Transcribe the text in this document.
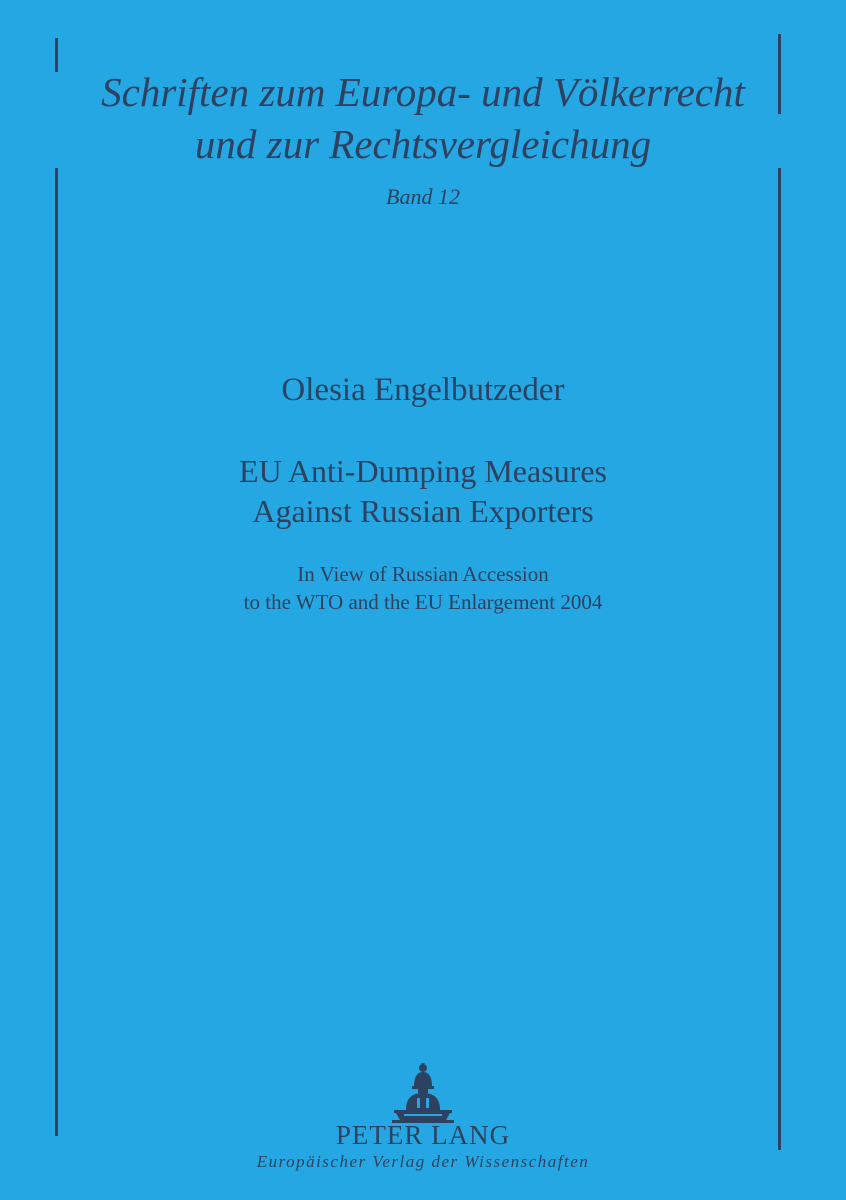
Schriften zum Europa- und Völkerrecht
und zur Rechtsvergleichung
Band 12
Olesia Engelbutzeder
EU Anti-Dumping Measures
Against Russian Exporters
In View of Russian Accession
to the WTO and the EU Enlargement 2004
PETER LANG
Europäischer Verlag der Wissenschaften
